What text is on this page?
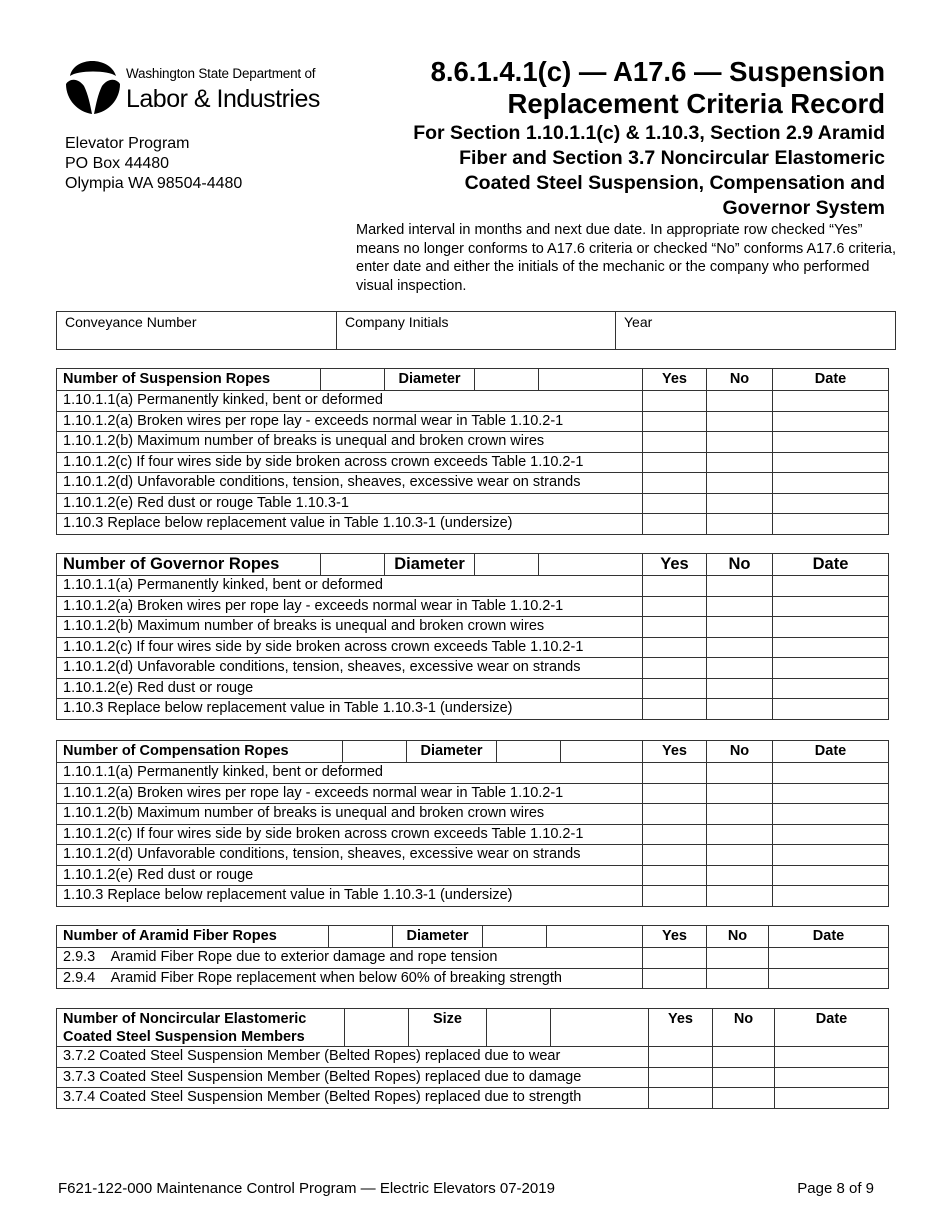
Washington State Department of
Labor & Industries
Elevator Program
PO Box 44480
Olympia WA 98504-4480
8.6.1.4.1(c) — A17.6 — Suspension
Replacement Criteria Record
For Section 1.10.1.1(c) & 1.10.3, Section 2.9 Aramid
Fiber and Section 3.7 Noncircular Elastomeric
Coated Steel Suspension, Compensation and
Governor System
Marked interval in months and next due date. In appropriate row checked “Yes” means no longer conforms to A17.6 criteria or checked “No” conforms A17.6 criteria, enter date and either the initials of the mechanic or the company who performed visual inspection.
Conveyance Number	Company Initials	Year
Number of Suspension Ropes		Diameter			Yes	No	Date
1.10.1.1(a) Permanently kinked, bent or deformed							
1.10.1.2(a) Broken wires per rope lay - exceeds normal wear in Table 1.10.2-1							
1.10.1.2(b) Maximum number of breaks is unequal and broken crown wires							
1.10.1.2(c) If four wires side by side broken across crown exceeds Table 1.10.2-1							
1.10.1.2(d) Unfavorable conditions, tension, sheaves, excessive wear on strands							
1.10.1.2(e) Red dust or rouge Table 1.10.3-1							
1.10.3 Replace below replacement value in Table 1.10.3-1 (undersize)							
Number of Governor Ropes		Diameter			Yes	No	Date
1.10.1.1(a) Permanently kinked, bent or deformed							
1.10.1.2(a) Broken wires per rope lay - exceeds normal wear in Table 1.10.2-1							
1.10.1.2(b) Maximum number of breaks is unequal and broken crown wires							
1.10.1.2(c) If four wires side by side broken across crown exceeds Table 1.10.2-1							
1.10.1.2(d) Unfavorable conditions, tension, sheaves, excessive wear on strands							
1.10.1.2(e) Red dust or rouge							
1.10.3 Replace below replacement value in Table 1.10.3-1 (undersize)							
Number of Compensation Ropes		Diameter			Yes	No	Date
1.10.1.1(a) Permanently kinked, bent or deformed							
1.10.1.2(a) Broken wires per rope lay - exceeds normal wear in Table 1.10.2-1							
1.10.1.2(b) Maximum number of breaks is unequal and broken crown wires							
1.10.1.2(c) If four wires side by side broken across crown exceeds Table 1.10.2-1							
1.10.1.2(d) Unfavorable conditions, tension, sheaves, excessive wear on strands							
1.10.1.2(e) Red dust or rouge							
1.10.3 Replace below replacement value in Table 1.10.3-1 (undersize)							
Number of Aramid Fiber Ropes		Diameter			Yes	No	Date
2.9.3    Aramid Fiber Rope due to exterior damage and rope tension							
2.9.4    Aramid Fiber Rope replacement when below 60% of breaking strength							
Number of Noncircular Elastomeric
Coated Steel Suspension Members		Size			Yes	No	Date
3.7.2 Coated Steel Suspension Member (Belted Ropes) replaced due to wear							
3.7.3 Coated Steel Suspension Member (Belted Ropes) replaced due to damage							
3.7.4 Coated Steel Suspension Member (Belted Ropes) replaced due to strength							
F621-122-000 Maintenance Control Program — Electric Elevators 07-2019	Page 8 of 9
